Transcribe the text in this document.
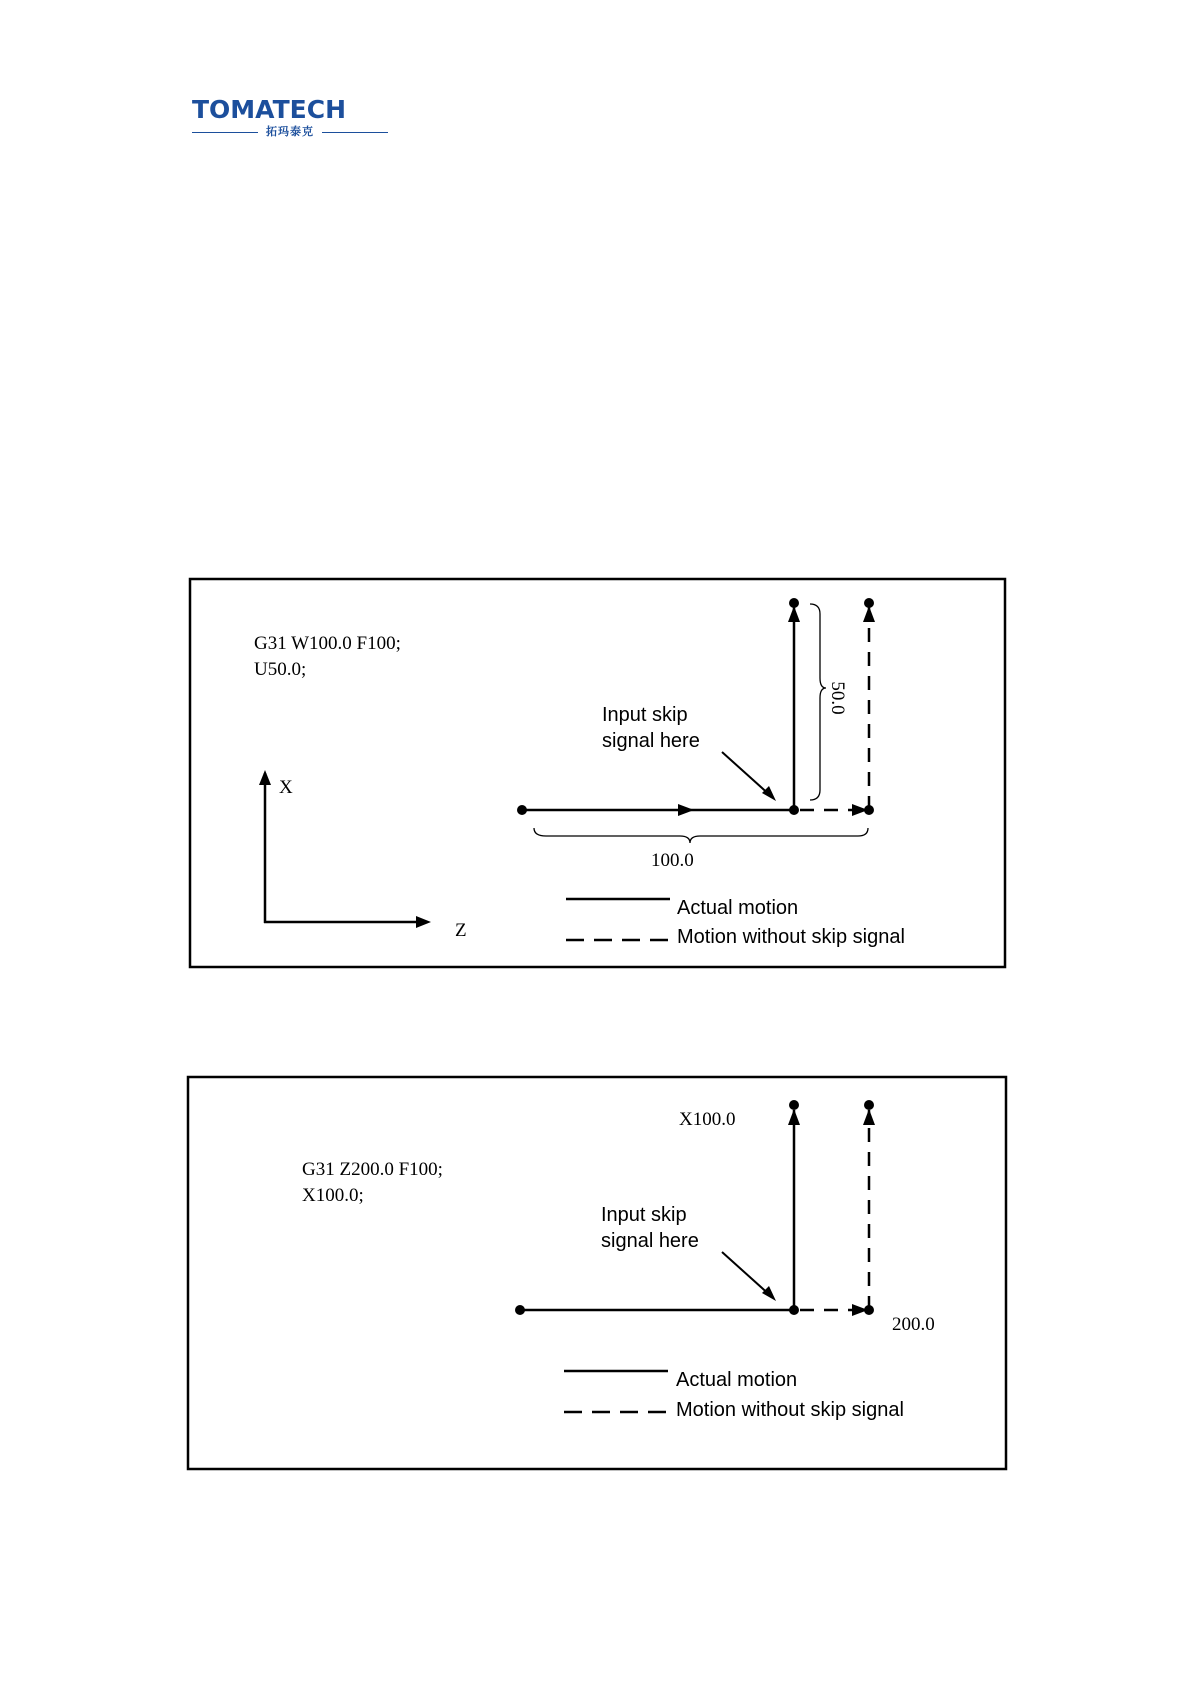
TOMATECH
拓玛泰克
G31 W100.0 F100;
U50.0;
X
Z
Input skip
signal here
100.0
50.0
Actual motion
Motion without skip signal
G31 Z200.0 F100;
X100.0;
X100.0
200.0
Input skip
signal here
Actual motion
Motion without skip signal
